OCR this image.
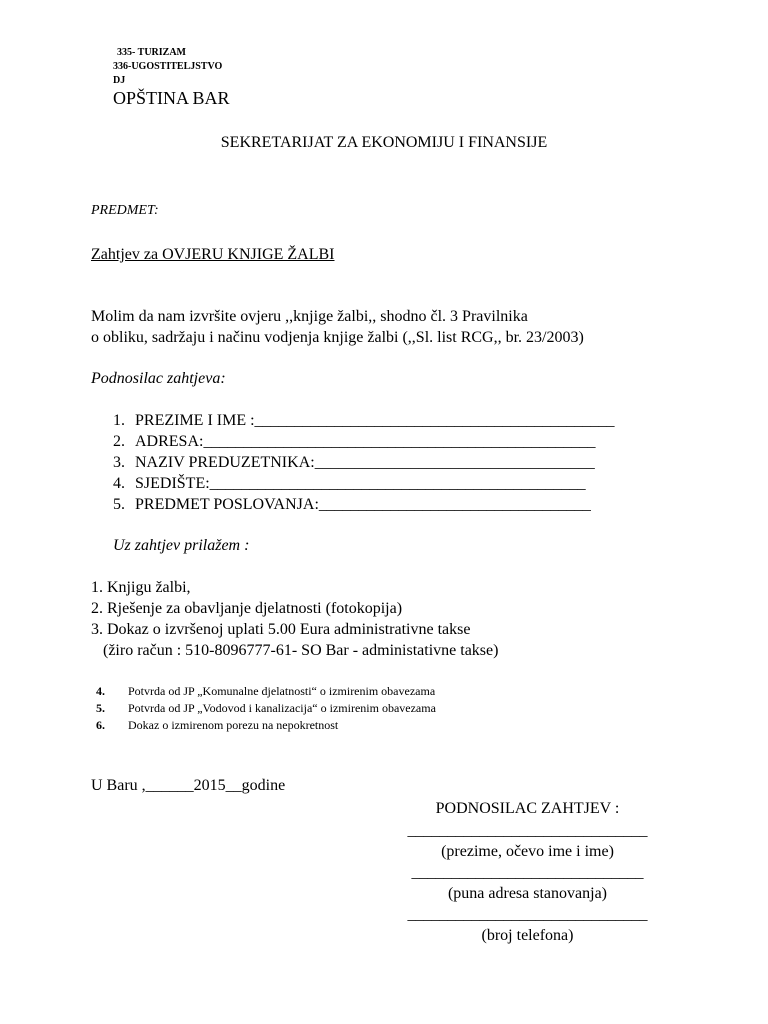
335- TURIZAM
336-UGOSTITELJSTVO
DJ
OPŠTINA BAR
SEKRETARIJAT ZA EKONOMIJU I FINANSIJE
PREDMET:
Zahtjev za OVJERU KNJIGE ŽALBI
Molim da nam izvršite ovjeru ,,knjige žalbi,, shodno čl. 3 Pravilnika
o obliku, sadržaju i načinu vodjenja knjige žalbi (,,Sl. list RCG,, br. 23/2003)
Podnosilac zahtjeva:
1. PREZIME I IME :_____________________________________________
2. ADRESA:_________________________________________________
3. NAZIV PREDUZETNIKA:___________________________________
4. SJEDIŠTE:_______________________________________________
5. PREDMET POSLOVANJA:__________________________________
Uz zahtjev prilažem :
1. Knjigu žalbi,
2. Rješenje za obavljanje djelatnosti (fotokopija)
3. Dokaz o izvršenoj uplati 5.00 Eura administrativne takse
(žiro račun : 510-8096777-61- SO Bar - administativne takse)
4. Potvrda od JP „Komunalne djelatnosti“ o izmirenim obavezama
5. Potvrda od JP „Vodovod i kanalizacija“ o izmirenim obavezama
6. Dokaz o izmirenom porezu na nepokretnost
U Baru ,______2015__godine
PODNOSILAC ZAHTJEV :
______________________________
(prezime, očevo ime i ime)
_____________________________
(puna adresa stanovanja)
______________________________
(broj telefona)
